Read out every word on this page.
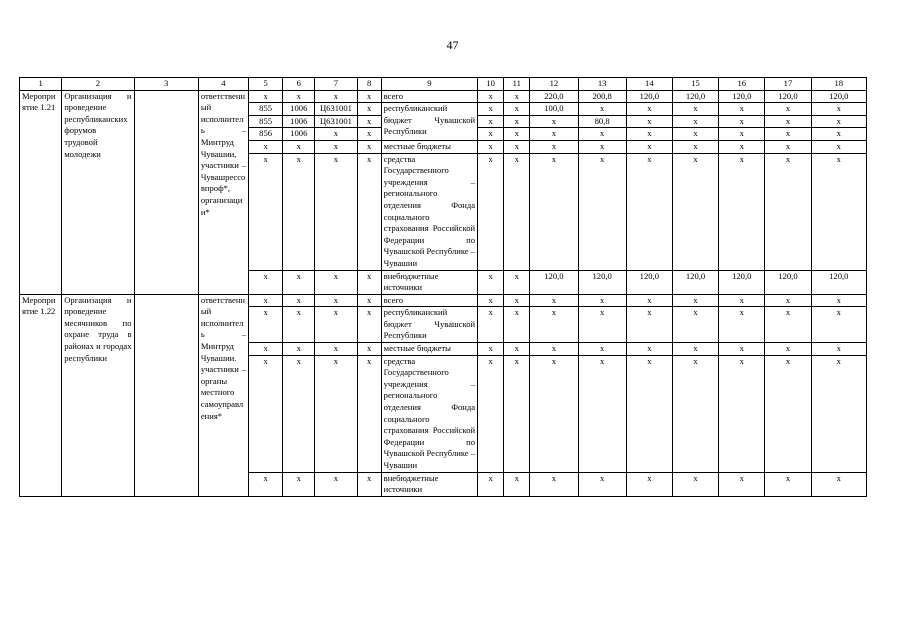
47
1	2	3	4	5	6	7	8	9	10	11	12	13	14	15	16	17	18
Мероприятие 1.21	Организация и проведение республиканских форумов трудовой молодежи		ответственный исполнитель – Минтруд Чувашии, участники – Чувашрессовпроф*, организации*	x	x	x	x	всего	x	x	220,0	200,8	120,0	120,0	120,0	120,0	120,0
				855	1006	Ц631001	x	республиканский бюджет Чувашской Республики	x	x	100,0	x	x	x	x	x	x
				855	1006	Ц631001	x		x	x	x	80,8	x	x	x	x	x
				856	1006	x	x		x	x	x	x	x	x	x	x	x
				x	x	x	x	местные бюджеты	x	x	x	x	x	x	x	x	x
				x	x	x	x	средства Государственного учреждения – регионального отделения Фонда социального страхования Российской Федерации по Чувашской Республике – Чувашии	x	x	x	x	x	x	x	x	x
				x	x	x	x	внебюджетные источники	x	x	120,0	120,0	120,0	120,0	120,0	120,0	120,0
Мероприятие 1.22	Организация и проведение месячников по охране труда в районах и городах республики		ответственный исполнитель – Минтруд Чувашии. участники – органы местного самоуправления*	x	x	x	x	всего	x	x	x	x	x	x	x	x	x
				x	x	x	x	республиканский бюджет Чувашской Республики	x	x	x	x	x	x	x	x	x
				x	x	x	x	местные бюджеты	x	x	x	x	x	x	x	x	x
				x	x	x	x	средства Государственного учреждения – регионального отделения Фонда социального страхования Российской Федерации по Чувашской Республике – Чувашии	x	x	x	x	x	x	x	x	x
				x	x	x	x	внебюджетные источники	x	x	x	x	x	x	x	x	x
